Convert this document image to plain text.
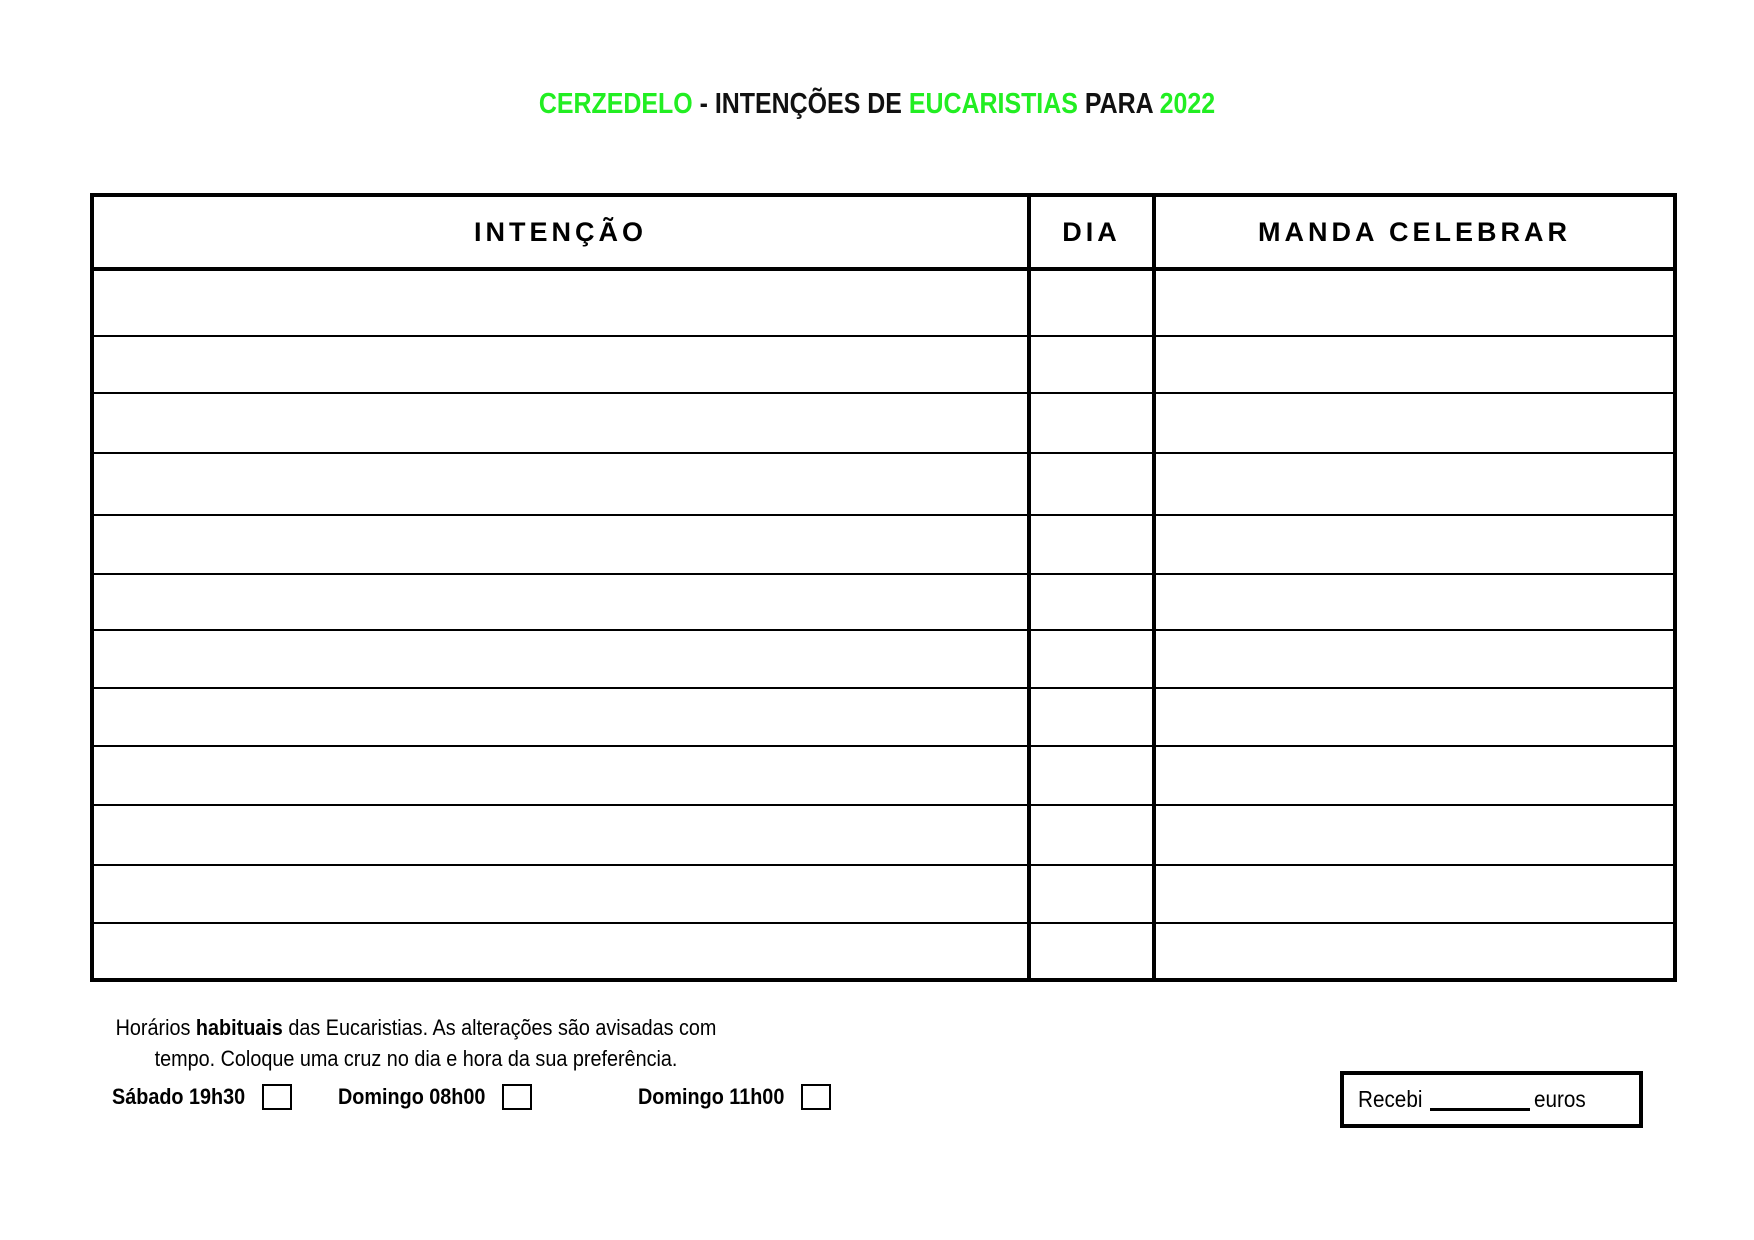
CERZEDELO - INTENÇÕES DE EUCARISTIAS PARA 2022
INTENÇÃO	DIA	MANDA CELEBRAR

Horários habituais das Eucaristias. As alterações são avisadas com
tempo. Coloque uma cruz no dia e hora da sua preferência.
Sábado 19h30	Domingo 08h00	Domingo 11h00	Recebi	euros
